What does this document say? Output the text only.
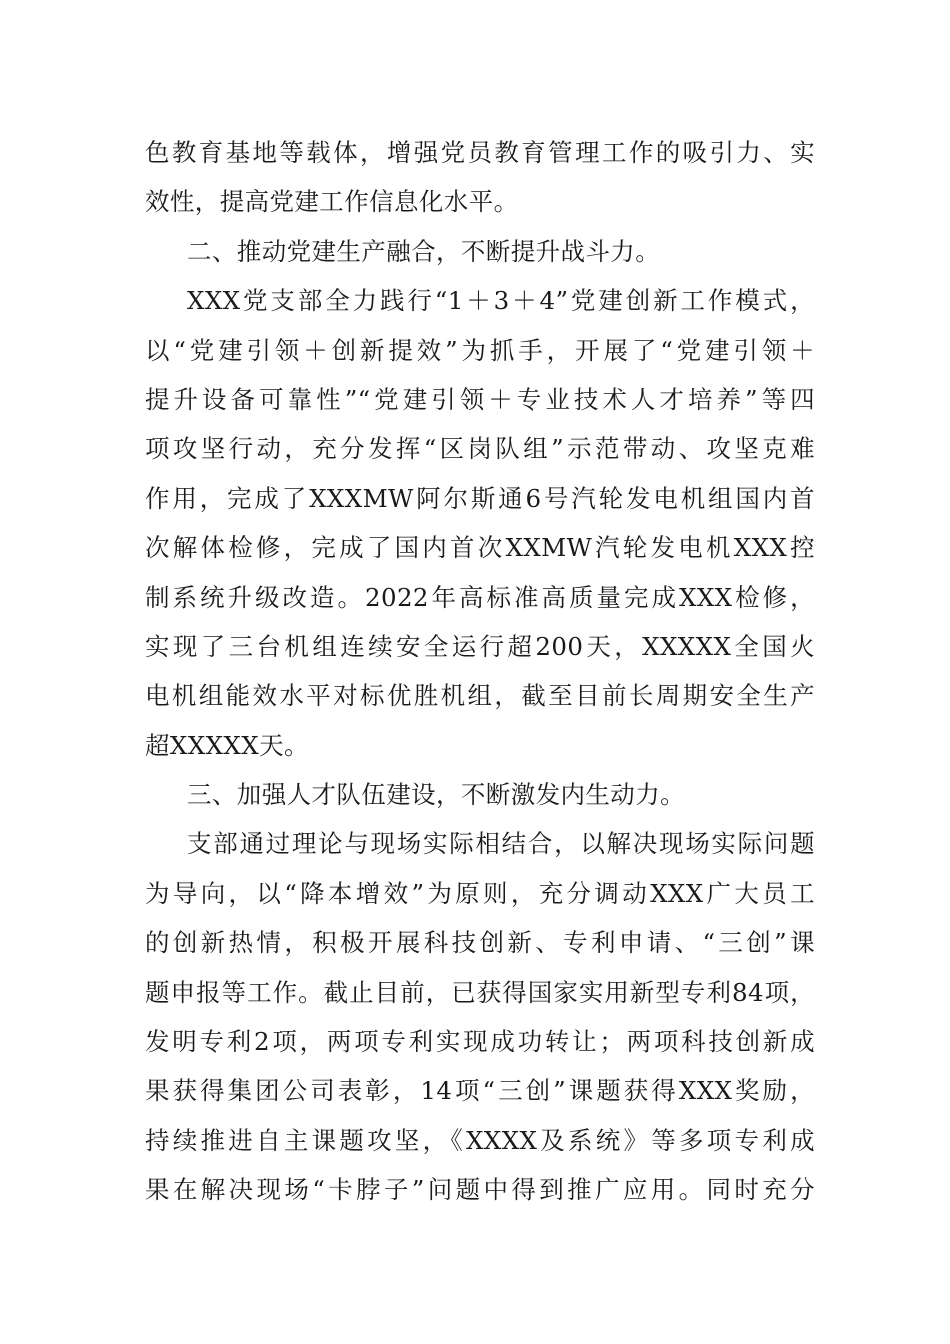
色教育基地等载体，增强党员教育管理工作的吸引力、实
效性，提高党建工作信息化水平。
二、推动党建生产融合，不断提升战斗力。
XXX党支部全力践行“1＋3＋4”党建创新工作模式，
以“党建引领＋创新提效”为抓手，开展了“党建引领＋
提升设备可靠性”“党建引领＋专业技术人才培养”等四
项攻坚行动，充分发挥“区岗队组”示范带动、攻坚克难
作用，完成了XXXMW阿尔斯通6号汽轮发电机组国内首
次解体检修，完成了国内首次XXMW汽轮发电机XXX控
制系统升级改造。2022年高标准高质量完成XXX检修，
实现了三台机组连续安全运行超200天，XXXXX全国火
电机组能效水平对标优胜机组，截至目前长周期安全生产
超XXXXX天。
三、加强人才队伍建设，不断激发内生动力。
支部通过理论与现场实际相结合，以解决现场实际问题
为导向，以“降本增效”为原则，充分调动XXX广大员工
的创新热情，积极开展科技创新、专利申请、“三创”课
题申报等工作。截止目前，已获得国家实用新型专利84项，
发明专利2项，两项专利实现成功转让；两项科技创新成
果获得集团公司表彰，14项“三创”课题获得XXX奖励，
持续推进自主课题攻坚，《XXXX及系统》等多项专利成
果在解决现场“卡脖子”问题中得到推广应用。同时充分
